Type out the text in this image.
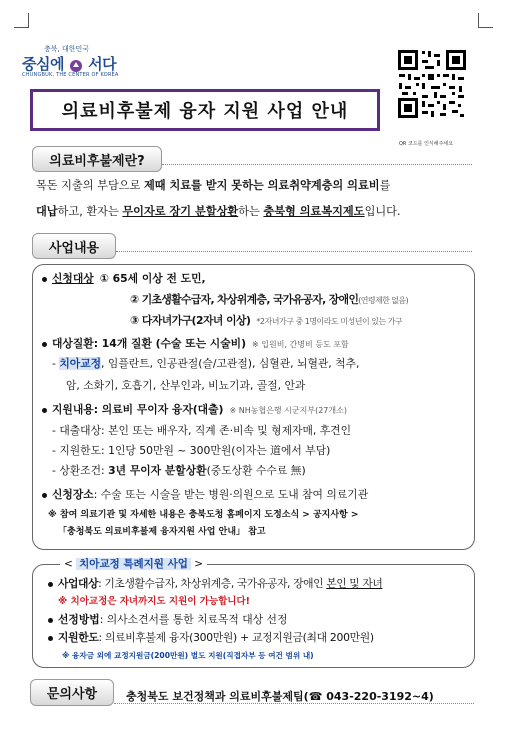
충북, 대한민국
중심에 서다
CHUNGBUK, THE CENTER OF KOREA
의료비후불제 융자 지원 사업 안내
QR 코드를 인식해주세요
의료비후불제란?
목돈 지출의 부담으로 제때 치료를 받지 못하는 의료취약계층의 의료비를
대납하고, 환자는 무이자로 장기 분할상환하는 충북형 의료복지제도입니다.
사업내용
신청대상 ① 65세 이상 전 도민,
② 기초생활수급자, 차상위계층, 국가유공자, 장애인(연령제한 없음)
③ 다자녀가구(2자녀 이상) *2자녀가구 중 1명이라도 미성년이 있는 가구
대상질환: 14개 질환 (수술 또는 시술비) ※ 입원비, 간병비 등도 포함
- 치아교정, 임플란트, 인공관절(슬/고관절), 심혈관, 뇌혈관, 척추,
암, 소화기, 호흡기, 산부인과, 비뇨기과, 골절, 안과
지원내용: 의료비 무이자 융자(대출) ※ NH농협은행 시군지부(27개소)
- 대출대상: 본인 또는 배우자, 직계 존·비속 및 형제자매, 후견인
- 지원한도: 1인당 50만원 ~ 300만원(이자는 道에서 부담)
- 상환조건: 3년 무이자 분할상환(중도상환 수수료 無)
신청장소: 수술 또는 시술을 받는 병원·의원으로 도내 참여 의료기관
※ 참여 의료기관 및 자세한 내용은 충북도청 홈페이지 도정소식 > 공지사항 >
「충청북도 의료비후불제 융자지원 사업 안내」 참고
< 치아교정 특례지원 사업 >
사업대상: 기초생활수급자, 차상위계층, 국가유공자, 장애인 본인 및 자녀
※ 치아교정은 자녀까지도 지원이 가능합니다!
선정방법: 의사소견서를 통한 치료목적 대상 선정
지원한도: 의료비후불제 융자(300만원) + 교정지원금(최대 200만원)
※ 융자금 외에 교정지원금(200만원) 별도 지원(직접자부 등 여건 범위 내)
문의사항	충청북도 보건정책과 의료비후불제팀(☎ 043-220-3192~4)
